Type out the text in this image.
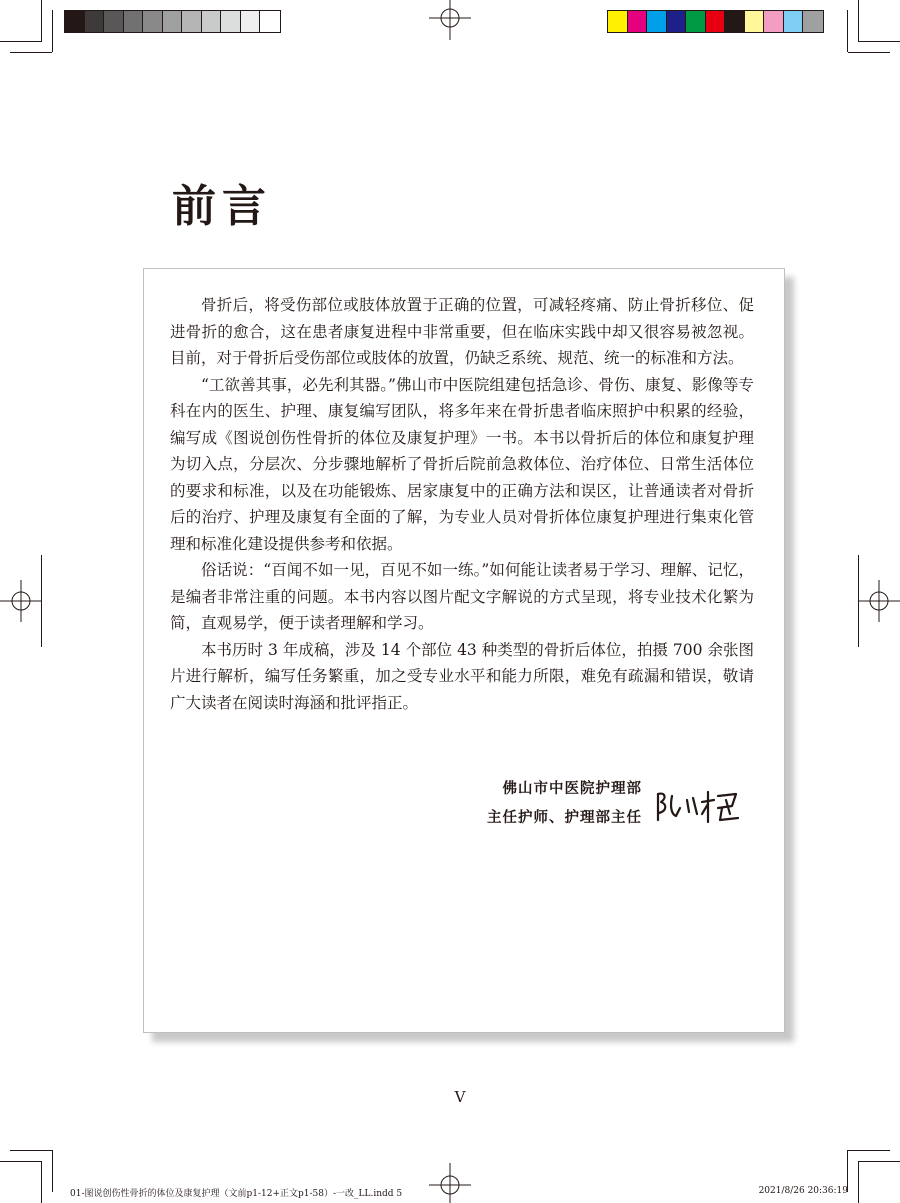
前言

骨折后，将受伤部位或肢体放置于正确的位置，可减轻疼痛、防止骨折移位、促进骨折的愈合，这在患者康复进程中非常重要，但在临床实践中却又很容易被忽视。目前，对于骨折后受伤部位或肢体的放置，仍缺乏系统、规范、统一的标准和方法。

“工欲善其事，必先利其器。”佛山市中医院组建包括急诊、骨伤、康复、影像等专科在内的医生、护理、康复编写团队，将多年来在骨折患者临床照护中积累的经验，编写成《图说创伤性骨折的体位及康复护理》一书。本书以骨折后的体位和康复护理为切入点，分层次、分步骤地解析了骨折后院前急救体位、治疗体位、日常生活体位的要求和标准，以及在功能锻炼、居家康复中的正确方法和误区，让普通读者对骨折后的治疗、护理及康复有全面的了解，为专业人员对骨折体位康复护理进行集束化管理和标准化建设提供参考和依据。

俗话说：“百闻不如一见，百见不如一练。”如何能让读者易于学习、理解、记忆，是编者非常注重的问题。本书内容以图片配文字解说的方式呈现，将专业技术化繁为简，直观易学，便于读者理解和学习。

本书历时 3 年成稿，涉及 14 个部位 43 种类型的骨折后体位，拍摄 700 余张图片进行解析，编写任务繁重，加之受专业水平和能力所限，难免有疏漏和错误，敬请广大读者在阅读时海涵和批评指正。

佛山市中医院护理部
主任护师、护理部主任
V
01-图说创伤性骨折的体位及康复护理（文前p1-12+正文p1-58）-一改_LL.indd 5	2021/8/26 20:36:19
